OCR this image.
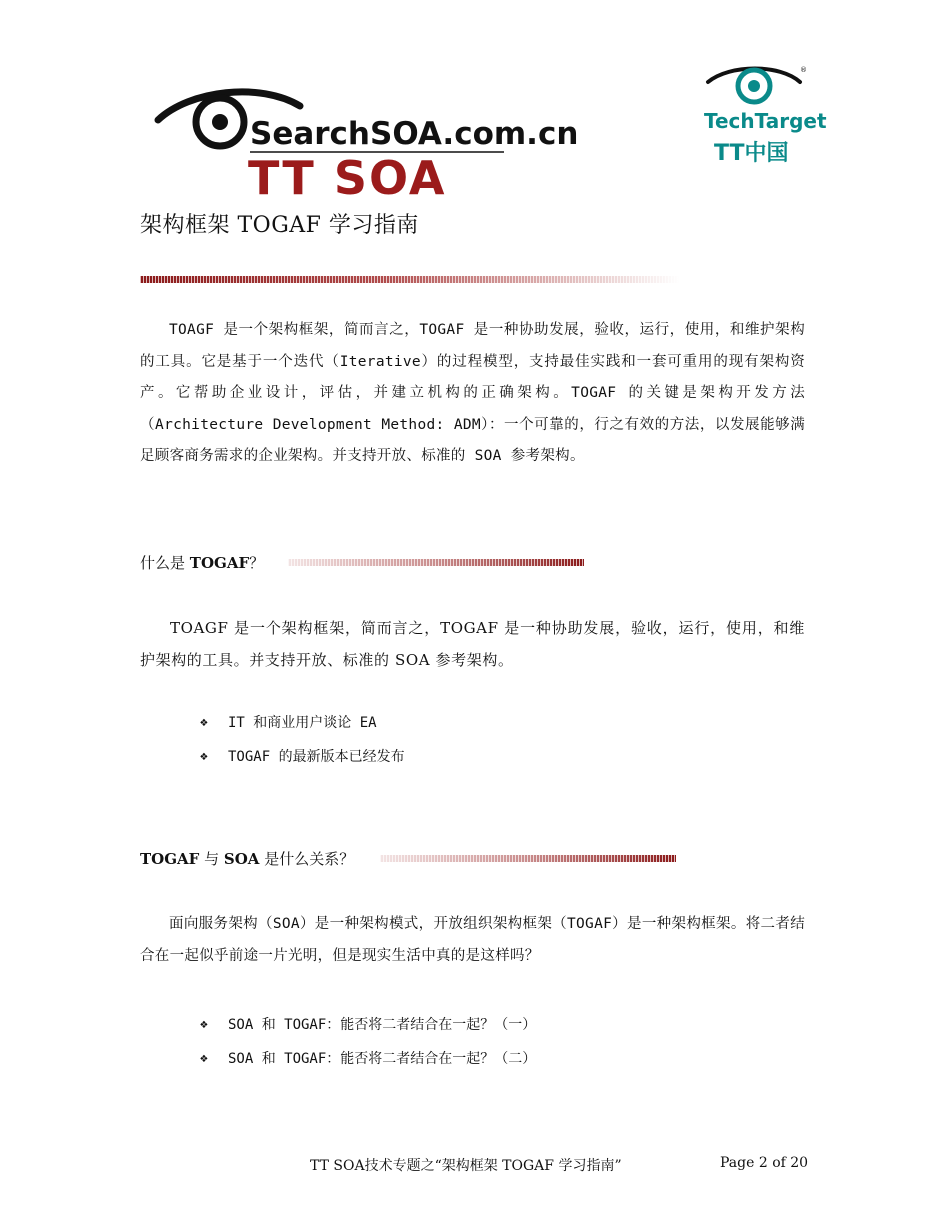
SearchSOA.com.cn
TT SOA
®
TechTarget
TT中国
架构框架 TOGAF 学习指南
TOAGF 是一个架构框架，简而言之，TOGAF 是一种协助发展，验收，运行，使用，和维护架构的工具。它是基于一个迭代（Iterative）的过程模型，支持最佳实践和一套可重用的现有架构资产。它帮助企业设计，评估，并建立机构的正确架构。TOGAF 的关键是架构开发方法（Architecture Development Method: ADM）：一个可靠的，行之有效的方法，以发展能够满足顾客商务需求的企业架构。并支持开放、标准的 SOA 参考架构。
什么是 TOGAF？
TOAGF 是一个架构框架，简而言之，TOGAF 是一种协助发展，验收，运行，使用，和维护架构的工具。并支持开放、标准的 SOA 参考架构。
❖	IT 和商业用户谈论 EA
❖	TOGAF 的最新版本已经发布
TOGAF 与 SOA 是什么关系？
面向服务架构（SOA）是一种架构模式，开放组织架构框架（TOGAF）是一种架构框架。将二者结合在一起似乎前途一片光明，但是现实生活中真的是这样吗？
❖	SOA 和 TOGAF：能否将二者结合在一起？（一）
❖	SOA 和 TOGAF：能否将二者结合在一起？（二）
TT SOA技术专题之“架构框架 TOGAF 学习指南”	Page 2 of 20
